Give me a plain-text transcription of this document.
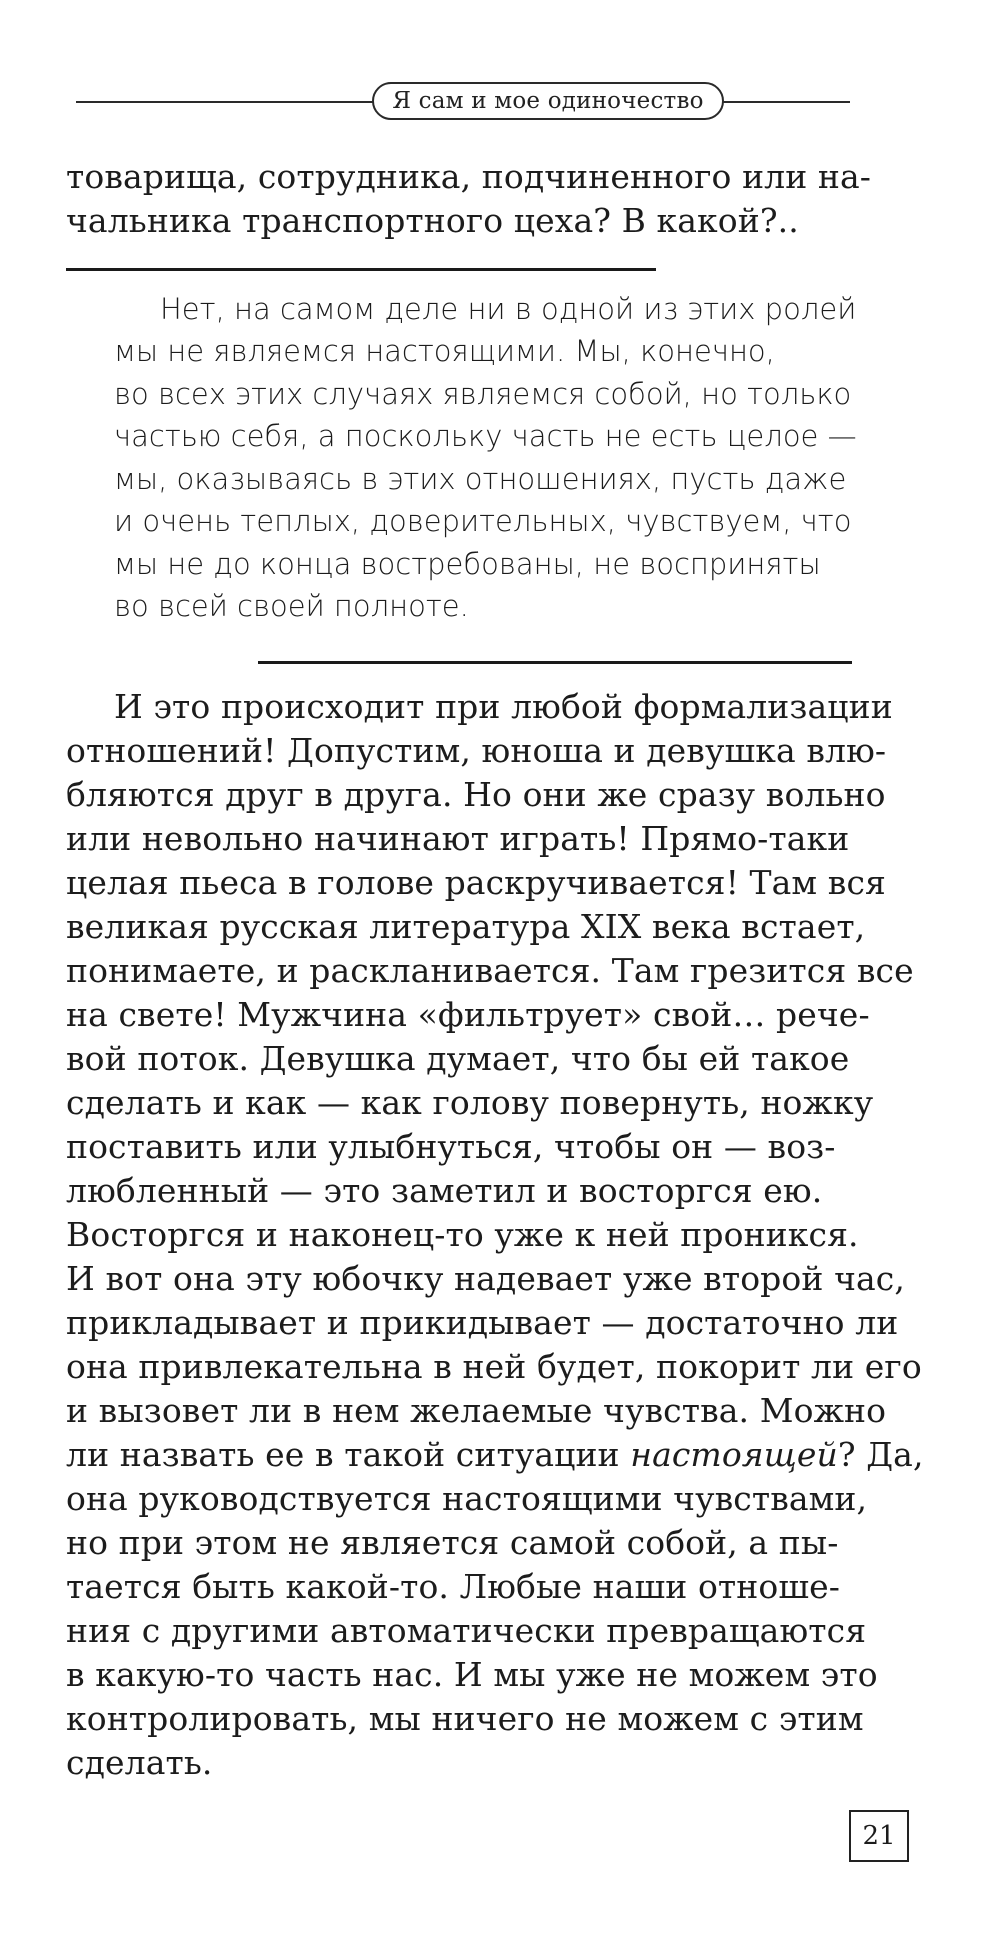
Я сам и мое одиночество
товарища, сотрудника, подчиненного или на-
чальника транспортного цеха? В какой?..
Нет, на самом деле ни в одной из этих ролей
мы не являемся настоящими. Мы, конечно,
во всех этих случаях являемся собой, но только
частью себя, а поскольку часть не есть целое —
мы, оказываясь в этих отношениях, пусть даже
и очень теплых, доверительных, чувствуем, что
мы не до конца востребованы, не восприняты
во всей своей полноте.
И это происходит при любой формализации
отношений! Допустим, юноша и девушка влю-
бляются друг в друга. Но они же сразу вольно
или невольно начинают играть! Прямо-таки
целая пьеса в голове раскручивается! Там вся
великая русская литература XIX века встает,
понимаете, и раскланивается. Там грезится все
на свете! Мужчина «фильтрует» свой… рече-
вой поток. Девушка думает, что бы ей такое
сделать и как — как голову повернуть, ножку
поставить или улыбнуться, чтобы он — воз-
любленный — это заметил и восторгся ею.
Восторгся и наконец-то уже к ней проникся.
И вот она эту юбочку надевает уже второй час,
прикладывает и прикидывает — достаточно ли
она привлекательна в ней будет, покорит ли его
и вызовет ли в нем желаемые чувства. Можно
ли назвать ее в такой ситуации настоящей? Да,
она руководствуется настоящими чувствами,
но при этом не является самой собой, а пы-
тается быть какой-то. Любые наши отноше-
ния с другими автоматически превращаются
в какую-то часть нас. И мы уже не можем это
контролировать, мы ничего не можем с этим
сделать.
21
